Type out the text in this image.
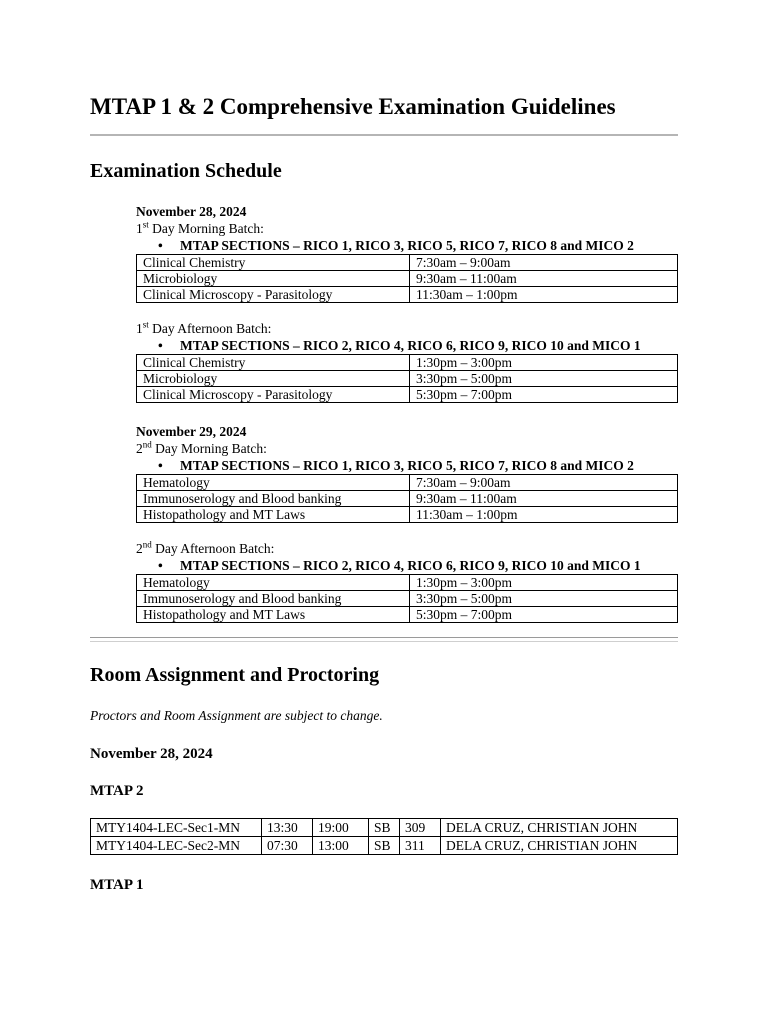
MTAP 1 & 2 Comprehensive Examination Guidelines
Examination Schedule
November 28, 2024
1st Day Morning Batch:
• MTAP SECTIONS – RICO 1, RICO 3, RICO 5, RICO 7, RICO 8 and MICO 2
Clinical Chemistry	7:30am – 9:00am
Microbiology	9:30am – 11:00am
Clinical Microscopy - Parasitology	11:30am – 1:00pm
1st Day Afternoon Batch:
• MTAP SECTIONS – RICO 2, RICO 4, RICO 6, RICO 9, RICO 10 and MICO 1
Clinical Chemistry	1:30pm – 3:00pm
Microbiology	3:30pm – 5:00pm
Clinical Microscopy - Parasitology	5:30pm – 7:00pm
November 29, 2024
2nd Day Morning Batch:
• MTAP SECTIONS – RICO 1, RICO 3, RICO 5, RICO 7, RICO 8 and MICO 2
Hematology	7:30am – 9:00am
Immunoserology and Blood banking	9:30am – 11:00am
Histopathology and MT Laws	11:30am – 1:00pm
2nd Day Afternoon Batch:
• MTAP SECTIONS – RICO 2, RICO 4, RICO 6, RICO 9, RICO 10 and MICO 1
Hematology	1:30pm – 3:00pm
Immunoserology and Blood banking	3:30pm – 5:00pm
Histopathology and MT Laws	5:30pm – 7:00pm
Room Assignment and Proctoring
Proctors and Room Assignment are subject to change.
November 28, 2024
MTAP 2
MTY1404-LEC-Sec1-MN	13:30	19:00	SB	309	DELA CRUZ, CHRISTIAN JOHN
MTY1404-LEC-Sec2-MN	07:30	13:00	SB	311	DELA CRUZ, CHRISTIAN JOHN
MTAP 1
